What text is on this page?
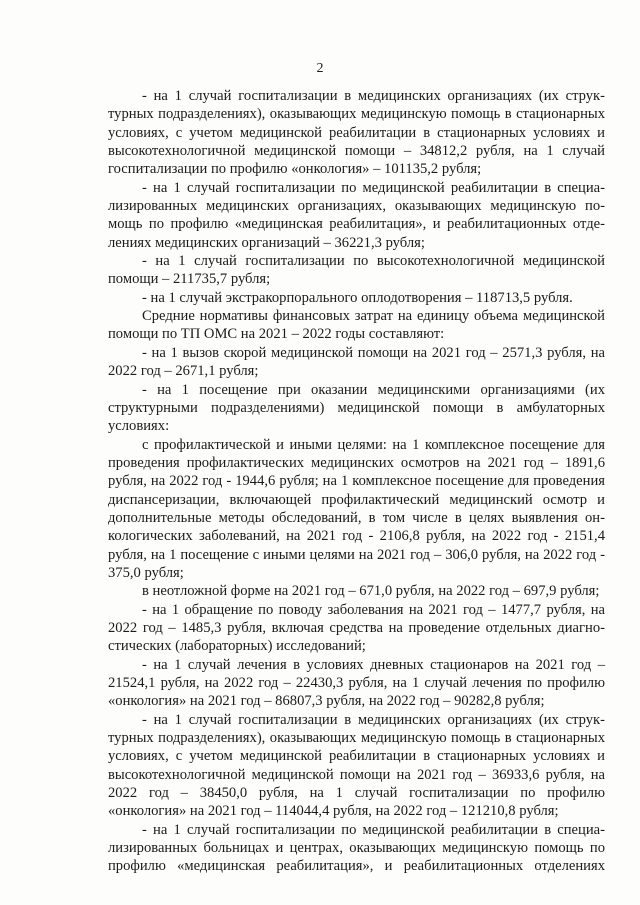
2

- на 1 случай госпитализации в медицинских организациях (их структурных подразделениях), оказывающих медицинскую помощь в стационарных условиях, с учетом медицинской реабилитации в стационарных условиях и высокотехнологичной медицинской помощи – 34812,2 рубля, на 1 случай госпитализации по профилю «онкология» – 101135,2 рубля;

- на 1 случай госпитализации по медицинской реабилитации в специализированных медицинских организациях, оказывающих медицинскую помощь по профилю «медицинская реабилитация», и реабилитационных отделениях медицинских организаций – 36221,3 рубля;

- на 1 случай госпитализации по высокотехнологичной медицинской помощи – 211735,7 рубля;

- на 1 случай экстракорпорального оплодотворения – 118713,5 рубля.

Средние нормативы финансовых затрат на единицу объема медицинской помощи по ТП ОМС на 2021 – 2022 годы составляют:

- на 1 вызов скорой медицинской помощи на 2021 год – 2571,3 рубля, на 2022 год – 2671,1 рубля;

- на 1 посещение при оказании медицинскими организациями (их структурными подразделениями) медицинской помощи в амбулаторных условиях:

с профилактической и иными целями: на 1 комплексное посещение для проведения профилактических медицинских осмотров на 2021 год – 1891,6 рубля, на 2022 год - 1944,6 рубля; на 1 комплексное посещение для проведения диспансеризации, включающей профилактический медицинский осмотр и дополнительные методы обследований, в том числе в целях выявления онкологических заболеваний, на 2021 год - 2106,8 рубля, на 2022 год - 2151,4 рубля, на 1 посещение с иными целями на 2021 год – 306,0 рубля, на 2022 год - 375,0 рубля;

в неотложной форме на 2021 год – 671,0 рубля, на 2022 год – 697,9 рубля;

- на 1 обращение по поводу заболевания на 2021 год – 1477,7 рубля, на 2022 год – 1485,3 рубля, включая средства на проведение отдельных диагностических (лабораторных) исследований;

- на 1 случай лечения в условиях дневных стационаров на 2021 год – 21524,1 рубля, на 2022 год – 22430,3 рубля, на 1 случай лечения по профилю «онкология» на 2021 год – 86807,3 рубля, на 2022 год – 90282,8 рубля;

- на 1 случай госпитализации в медицинских организациях (их структурных подразделениях), оказывающих медицинскую помощь в стационарных условиях, с учетом медицинской реабилитации в стационарных условиях и высокотехнологичной медицинской помощи на 2021 год – 36933,6 рубля, на 2022 год – 38450,0 рубля, на 1 случай госпитализации по профилю «онкология» на 2021 год – 114044,4 рубля, на 2022 год – 121210,8 рубля;

- на 1 случай госпитализации по медицинской реабилитации в специализированных больницах и центрах, оказывающих медицинскую помощь по профилю «медицинская реабилитация», и реабилитационных отделениях
